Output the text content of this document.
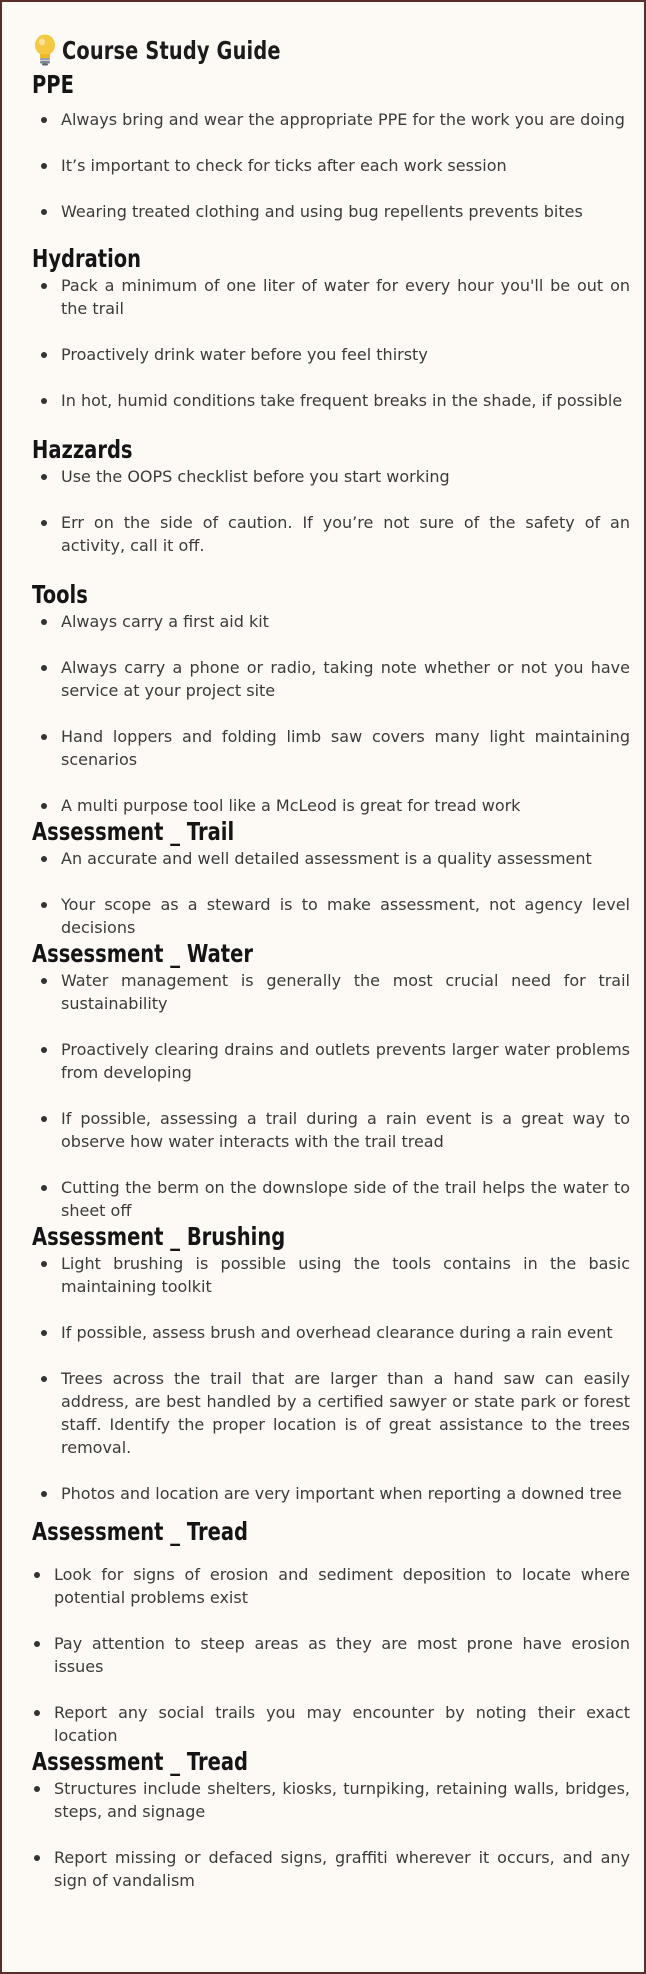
Course Study Guide
PPE
Always bring and wear the appropriate PPE for the work you are doing
It’s important to check for ticks after each work session
Wearing treated clothing and using bug repellents prevents bites
Hydration
Pack a minimum of one liter of water for every hour you'll be out on the trail
Proactively drink water before you feel thirsty
In hot, humid conditions take frequent breaks in the shade, if possible
Hazzards
Use the OOPS checklist before you start working
Err on the side of caution. If you’re not sure of the safety of an activity, call it off.
Tools
Always carry a first aid kit
Always carry a phone or radio, taking note whether or not you have service at your project site
Hand loppers and folding limb saw covers many light maintaining scenarios
A multi purpose tool like a McLeod is great for tread work
Assessment _ Trail
An accurate and well detailed assessment is a quality assessment
Your scope as a steward is to make assessment, not agency level decisions
Assessment _ Water
Water management is generally the most crucial need for trail sustainability
Proactively clearing drains and outlets prevents larger water problems from developing
If possible, assessing a trail during a rain event is a great way to observe how water interacts with the trail tread
Cutting the berm on the downslope side of the trail helps the water to sheet off
Assessment _ Brushing
Light brushing is possible using the tools contains in the basic maintaining toolkit
If possible, assess brush and overhead clearance during a rain event
Trees across the trail that are larger than a hand saw can easily address, are best handled by a certified sawyer or state park or forest staff. Identify the proper location is of great assistance to the trees removal.
Photos and location are very important when reporting a downed tree
Assessment _ Tread
Look for signs of erosion and sediment deposition to locate where potential problems exist
Pay attention to steep areas as they are most prone have erosion issues
Report any social trails you may encounter by noting their exact location
Assessment _ Tread
Structures include shelters, kiosks, turnpiking, retaining walls, bridges, steps, and signage
Report missing or defaced signs, graffiti wherever it occurs, and any sign of vandalism
